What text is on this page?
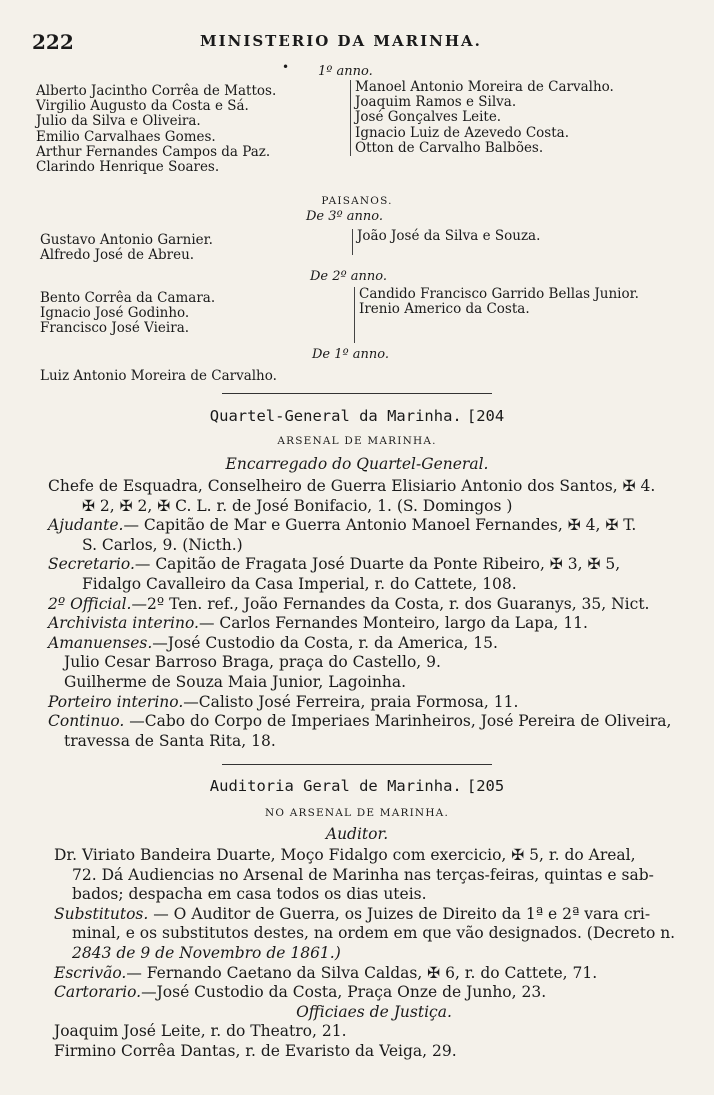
222	MINISTERIO DA MARINHA.
• 1º anno.
Alberto Jacintho Corrêa de Mattos.
Virgilio Augusto da Costa e Sá.
Julio da Silva e Oliveira.
Emilio Carvalhaes Gomes.
Arthur Fernandes Campos da Paz.
Clarindo Henrique Soares.
Manoel Antonio Moreira de Carvalho.
Joaquim Ramos e Silva.
José Gonçalves Leite.
Ignacio Luiz de Azevedo Costa.
Otton de Carvalho Balbões.
PAISANOS.
De 3º anno.
Gustavo Antonio Garnier.
Alfredo José de Abreu.
João José da Silva e Souza.
De 2º anno.
Bento Corrêa da Camara.
Ignacio José Godinho.
Francisco José Vieira.
Candido Francisco Garrido Bellas Junior.
Irenio Americo da Costa.
De 1º anno.
Luiz Antonio Moreira de Carvalho.
Quartel-General da Marinha. [204
ARSENAL DE MARINHA.
Encarregado do Quartel-General.
Chefe de Esquadra, Conselheiro de Guerra Elisiario Antonio dos Santos, ✠ 4.
✠ 2, ✠ 2, ✠ C. L. r. de José Bonifacio, 1. (S. Domingos )
Ajudante.— Capitão de Mar e Guerra Antonio Manoel Fernandes, ✠ 4, ✠ T.
S. Carlos, 9. (Nicth.)
Secretario.— Capitão de Fragata José Duarte da Ponte Ribeiro, ✠ 3, ✠ 5,
Fidalgo Cavalleiro da Casa Imperial, r. do Cattete, 108.
2º Official.—2º Ten. ref., João Fernandes da Costa, r. dos Guaranys, 35, Nict.
Archivista interino.— Carlos Fernandes Monteiro, largo da Lapa, 11.
Amanuenses.—José Custodio da Costa, r. da America, 15.
Julio Cesar Barroso Braga, praça do Castello, 9.
Guilherme de Souza Maia Junior, Lagoinha.
Porteiro interino.—Calisto José Ferreira, praia Formosa, 11.
Continuo. —Cabo do Corpo de Imperiaes Marinheiros, José Pereira de Oliveira,
travessa de Santa Rita, 18.
Auditoria Geral de Marinha. [205
NO ARSENAL DE MARINHA.
Auditor.
Dr. Viriato Bandeira Duarte, Moço Fidalgo com exercicio, ✠ 5, r. do Areal,
72. Dá Audiencias no Arsenal de Marinha nas terças-feiras, quintas e sab-
bados; despacha em casa todos os dias uteis.
Substitutos. — O Auditor de Guerra, os Juizes de Direito da 1ª e 2ª vara cri-
minal, e os substitutos destes, na ordem em que vão designados. (Decreto n.
2843 de 9 de Novembro de 1861.)
Escrivão.— Fernando Caetano da Silva Caldas, ✠ 6, r. do Cattete, 71.
Cartorario.—José Custodio da Costa, Praça Onze de Junho, 23.
Officiaes de Justiça.
Joaquim José Leite, r. do Theatro, 21.
Firmino Corrêa Dantas, r. de Evaristo da Veiga, 29.
